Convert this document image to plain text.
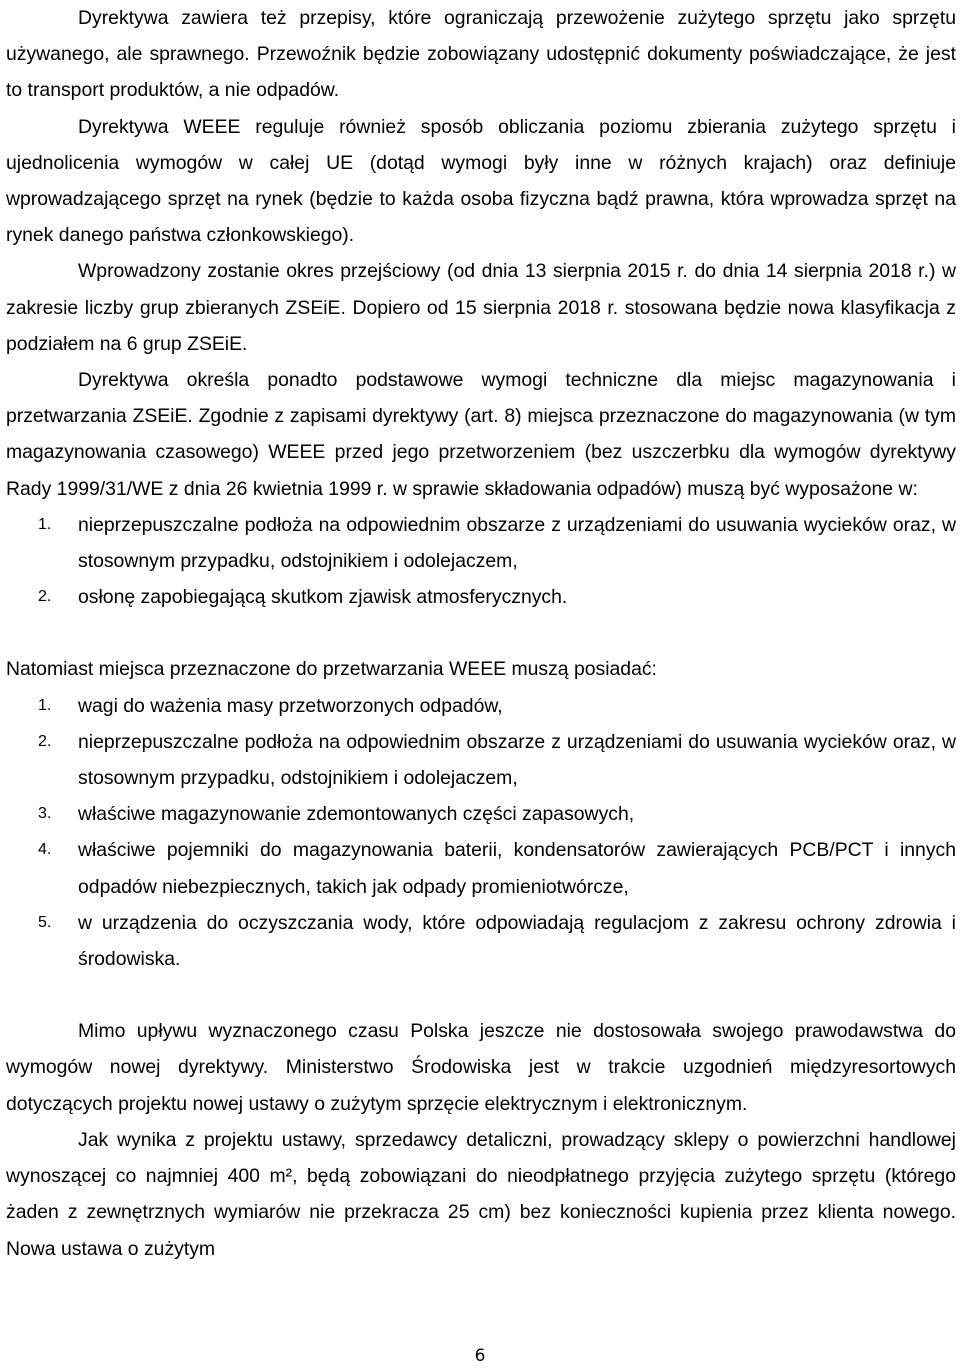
Dyrektywa zawiera też przepisy, które ograniczają przewożenie zużytego sprzętu jako sprzętu używanego, ale sprawnego. Przewoźnik będzie zobowiązany udostępnić dokumenty poświadczające, że jest to transport produktów, a nie odpadów.

Dyrektywa WEEE reguluje również sposób obliczania poziomu zbierania zużytego sprzętu i ujednolicenia wymogów w całej UE (dotąd wymogi były inne w różnych krajach) oraz definiuje wprowadzającego sprzęt na rynek (będzie to każda osoba fizyczna bądź prawna, która wprowadza sprzęt na rynek danego państwa członkowskiego).

Wprowadzony zostanie okres przejściowy (od dnia 13 sierpnia 2015 r. do dnia 14 sierpnia 2018 r.) w zakresie liczby grup zbieranych ZSEiE. Dopiero od 15 sierpnia 2018 r. stosowana będzie nowa klasyfikacja z podziałem na 6 grup ZSEiE.

Dyrektywa określa ponadto podstawowe wymogi techniczne dla miejsc magazynowania i przetwarzania ZSEiE. Zgodnie z zapisami dyrektywy (art. 8) miejsca przeznaczone do magazynowania (w tym magazynowania czasowego) WEEE przed jego przetworzeniem (bez uszczerbku dla wymogów dyrektywy Rady 1999/31/WE z dnia 26 kwietnia 1999 r. w sprawie składowania odpadów) muszą być wyposażone w:

1. nieprzepuszczalne podłoża na odpowiednim obszarze z urządzeniami do usuwania wycieków oraz, w stosownym przypadku, odstojnikiem i odolejaczem,
2. osłonę zapobiegającą skutkom zjawisk atmosferycznych.

Natomiast miejsca przeznaczone do przetwarzania WEEE muszą posiadać:

1. wagi do ważenia masy przetworzonych odpadów,
2. nieprzepuszczalne podłoża na odpowiednim obszarze z urządzeniami do usuwania wycieków oraz, w stosownym przypadku, odstojnikiem i odolejaczem,
3. właściwe magazynowanie zdemontowanych części zapasowych,
4. właściwe pojemniki do magazynowania baterii, kondensatorów zawierających PCB/PCT i innych odpadów niebezpiecznych, takich jak odpady promieniotwórcze,
5. w urządzenia do oczyszczania wody, które odpowiadają regulacjom z zakresu ochrony zdrowia i środowiska.

Mimo upływu wyznaczonego czasu Polska jeszcze nie dostosowała swojego prawodawstwa do wymogów nowej dyrektywy. Ministerstwo Środowiska jest w trakcie uzgodnień międzyresortowych dotyczących projektu nowej ustawy o zużytym sprzęcie elektrycznym i elektronicznym.

Jak wynika z projektu ustawy, sprzedawcy detaliczni, prowadzący sklepy o powierzchni handlowej wynoszącej co najmniej 400 m², będą zobowiązani do nieodpłatnego przyjęcia zużytego sprzętu (którego żaden z zewnętrznych wymiarów nie przekracza 25 cm) bez konieczności kupienia przez klienta nowego. Nowa ustawa o zużytym

6
